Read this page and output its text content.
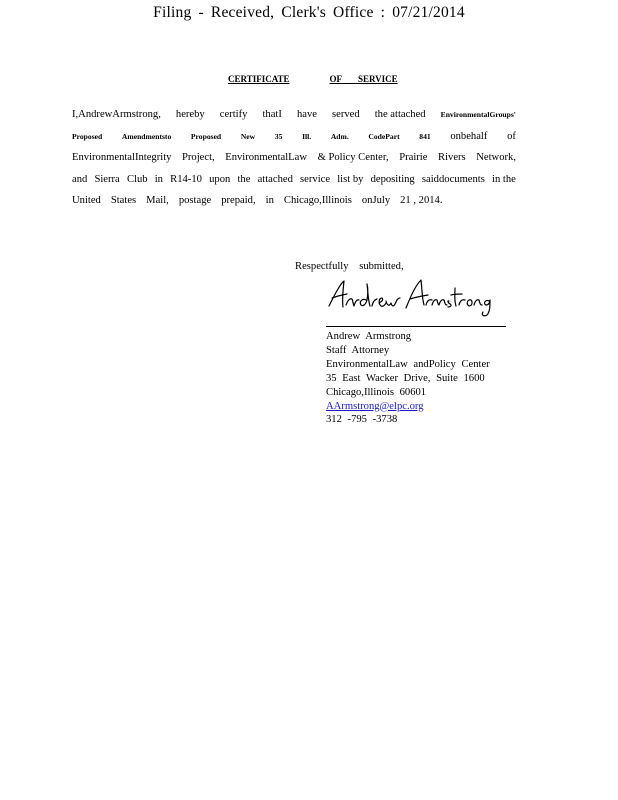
Filing - Received, Clerk's Office : 07/21/2014
CERTIFICATE	OF SERVICE
I,AndrewArmstrong, hereby certify thatI have served the attached EnvironmentalGroups'
Proposed	Amendmentsto	Proposed	New	35	Ill.	Adm.	CodePart	841 onbehalf of
EnvironmentalIntegrity Project, EnvironmentalLaw & Policy Center, Prairie Rivers Network,
and Sierra Club in R14-10 upon the attached service list by depositing saiddocuments in the
United States Mail, postage prepaid, in Chicago,Illinois onJuly 21 , 2014.
Respectfully submitted,
Andrew Armstrong
Staff Attorney
EnvironmentalLaw andPolicy Center
35 East Wacker Drive, Suite 1600
Chicago,Illinois 60601
AArmstrong@elpc.org
312 -795 -3738
